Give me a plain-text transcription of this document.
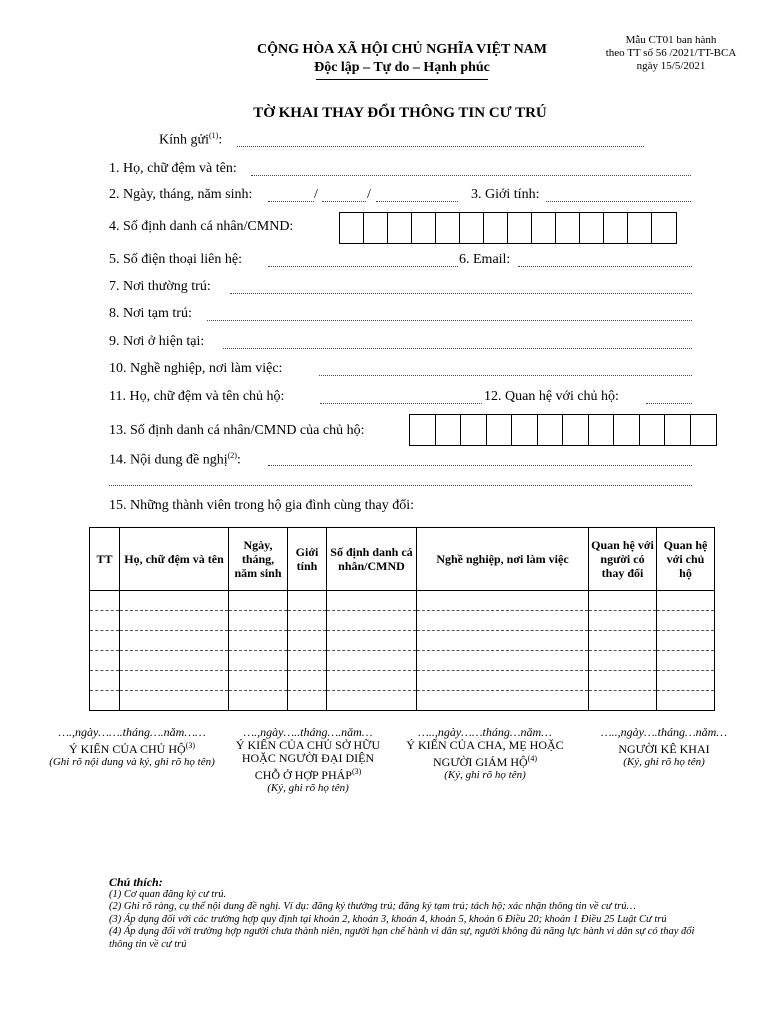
CỘNG HÒA XÃ HỘI CHỦ NGHĨA VIỆT NAM
Độc lập – Tự do – Hạnh phúc
Mẫu CT01 ban hành
theo TT số 56 /2021/TT-BCA
ngày 15/5/2021
TỜ KHAI THAY ĐỔI THÔNG TIN CƯ TRÚ
Kính gửi$^{(1)}$:
1. Họ, chữ đệm và tên:
2. Ngày, tháng, năm sinh:	/	/	3. Giới tính:
4. Số định danh cá nhân/CMND:
5. Số điện thoại liên hệ:	6. Email:
7. Nơi thường trú:
8. Nơi tạm trú:
9. Nơi ở hiện tại:
10. Nghề nghiệp, nơi làm việc:
11. Họ, chữ đệm và tên chủ hộ:	12. Quan hệ với chủ hộ:
13. Số định danh cá nhân/CMND của chủ hộ:
14. Nội dung đề nghị$^{(2)}$:
15. Những thành viên trong hộ gia đình cùng thay đổi:
TT	Họ, chữ đệm và tên	Ngày, tháng, năm sinh	Giới tính	Số định danh cá nhân/CMND	Nghề nghiệp, nơi làm việc	Quan hệ với người có thay đổi	Quan hệ với chủ hộ

….,ngày…….tháng….năm……
Ý KIẾN CỦA CHỦ HỘ$^{(3)}$
(Ghi rõ nội dung và ký, ghi rõ họ tên)
….,ngày…..tháng….năm…
Ý KIẾN CỦA CHỦ SỞ HỮU HOẶC NGƯỜI ĐẠI DIỆN CHỖ Ở HỢP PHÁP$^{(3)}$
(Ký, ghi rõ họ tên)
…..,ngày……tháng…năm…
Ý KIẾN CỦA CHA, MẸ HOẶC NGƯỜI GIÁM HỘ$^{(4)}$
(Ký, ghi rõ họ tên)
…..,ngày….tháng…năm…
NGƯỜI KÊ KHAI
(Ký, ghi rõ họ tên)
Chú thích:
(1) Cơ quan đăng ký cư trú.
(2) Ghi rõ ràng, cụ thể nội dung đề nghị. Ví dụ: đăng ký thường trú; đăng ký tạm trú; tách hộ; xác nhận thông tin về cư trú…
(3) Áp dụng đối với các trường hợp quy định tại khoản 2, khoản 3, khoản 4, khoản 5, khoản 6 Điều 20; khoản 1 Điều 25 Luật Cư trú
(4) Áp dụng đối với trường hợp người chưa thành niên, người hạn chế hành vi dân sự, người không đủ năng lực hành vi dân sự có thay đổi thông tin về cư trú
